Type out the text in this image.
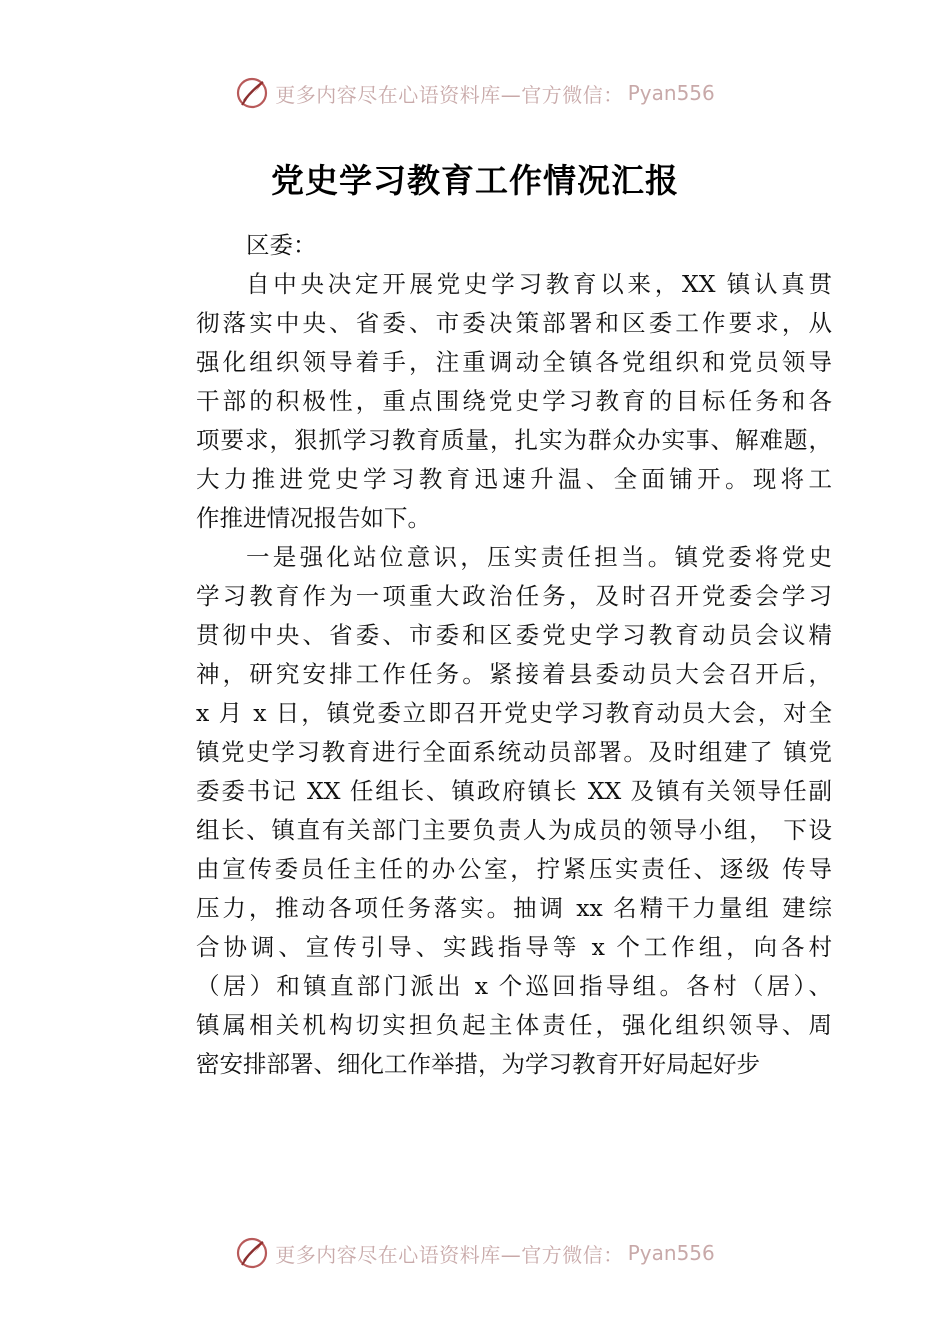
更多内容尽在心语资料库—官方微信： Pyan556
党史学习教育工作情况汇报
区委：
自中央决定开展党史学习教育以来，XX 镇认真贯
彻落实中央、省委、市委决策部署和区委工作要求，从
强化组织领导着手，注重调动全镇各党组织和党员领导
干部的积极性，重点围绕党史学习教育的目标任务和各
项要求，狠抓学习教育质量，扎实为群众办实事、解难题，
大力推进党史学习教育迅速升温、全面铺开。现将工
作推进情况报告如下。
一是强化站位意识，压实责任担当。镇党委将党史
学习教育作为一项重大政治任务，及时召开党委会学习
贯彻中央、省委、市委和区委党史学习教育动员会议精
神，研究安排工作任务。紧接着县委动员大会召开后，
x 月 x 日，镇党委立即召开党史学习教育动员大会，对全
镇党史学习教育进行全面系统动员部署。及时组建了 镇党
委委书记 XX 任组长、镇政府镇长 XX 及镇有关领导任副
组长、镇直有关部门主要负责人为成员的领导小组， 下设
由宣传委员任主任的办公室，拧紧压实责任、逐级 传导
压力，推动各项任务落实。抽调 xx 名精干力量组 建综
合协调、宣传引导、实践指导等 x 个工作组，向各村
（居）和镇直部门派出 x 个巡回指导组。各村（居）、
镇属相关机构切实担负起主体责任，强化组织领导、周
密安排部署、细化工作举措，为学习教育开好局起好步
更多内容尽在心语资料库—官方微信： Pyan556
